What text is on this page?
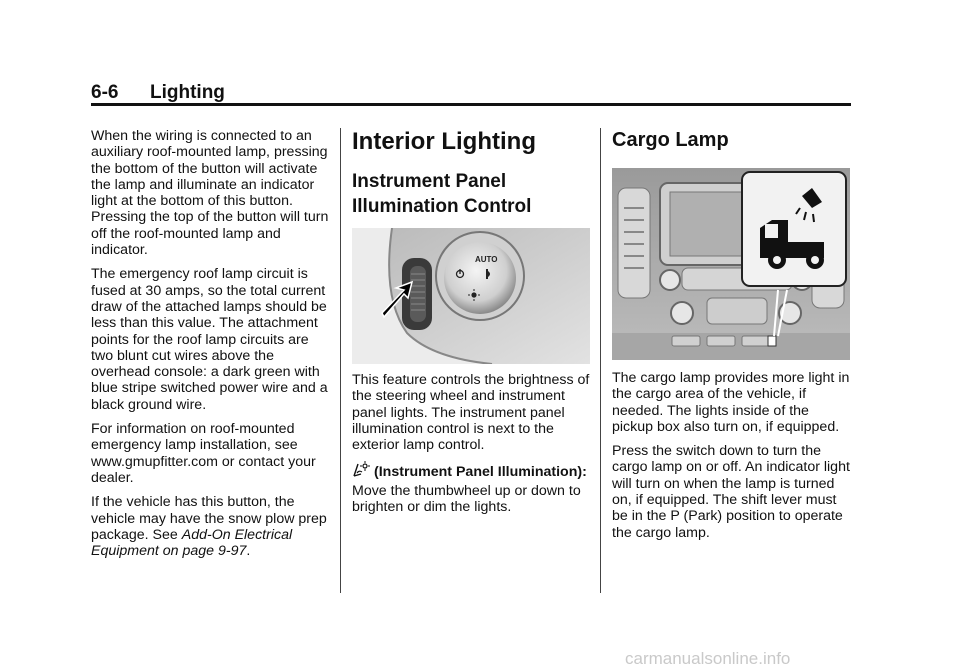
6-6 Lighting

When the wiring is connected to an auxiliary roof-mounted lamp, pressing the bottom of the button will activate the lamp and illuminate an indicator light at the bottom of this button. Pressing the top of the button will turn off the roof-mounted lamp and indicator.

The emergency roof lamp circuit is fused at 30 amps, so the total current draw of the attached lamps should be less than this value. The attachment points for the roof lamp circuits are two blunt cut wires above the overhead console: a dark green with blue stripe switched power wire and a black ground wire.

For information on roof-mounted emergency lamp installation, see www.gmupfitter.com or contact your dealer.

If the vehicle has this button, the vehicle may have the snow plow prep package. See Add-On Electrical Equipment on page 9-97.

Interior Lighting
Instrument Panel Illumination Control
AUTO

This feature controls the brightness of the steering wheel and instrument panel lights. The instrument panel illumination control is next to the exterior lamp control.

(Instrument Panel Illumination):  Move the thumbwheel up or down to brighten or dim the lights.

Cargo Lamp

The cargo lamp provides more light in the cargo area of the vehicle, if needed. The lights inside of the pickup box also turn on, if equipped.

Press the switch down to turn the cargo lamp on or off. An indicator light will turn on when the lamp is turned on, if equipped. The shift lever must be in the P (Park) position to operate the cargo lamp.

carmanualsonline.info
